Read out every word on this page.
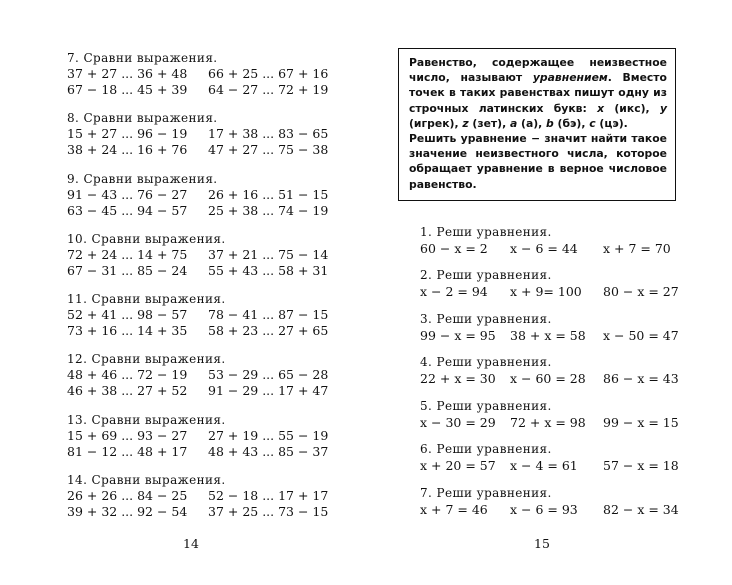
7. Сравни выражения.
37 + 27 ... 36 + 48 66 + 25 ... 67 + 16
67 − 18 ... 45 + 39 64 − 27 ... 72 + 19
8. Сравни выражения.
15 + 27 ... 96 − 19 17 + 38 ... 83 − 65
38 + 24 ... 16 + 76 47 + 27 ... 75 − 38
9. Сравни выражения.
91 − 43 ... 76 − 27 26 + 16 ... 51 − 15
63 − 45 ... 94 − 57 25 + 38 ... 74 − 19
10. Сравни выражения.
72 + 24 ... 14 + 75 37 + 21 ... 75 − 14
67 − 31 ... 85 − 24 55 + 43 ... 58 + 31
11. Сравни выражения.
52 + 41 ... 98 − 57 78 − 41 ... 87 − 15
73 + 16 ... 14 + 35 58 + 23 ... 27 + 65
12. Сравни выражения.
48 + 46 ... 72 − 19 53 − 29 ... 65 − 28
46 + 38 ... 27 + 52 91 − 29 ... 17 + 47
13. Сравни выражения.
15 + 69 ... 93 − 27 27 + 19 ... 55 − 19
81 − 12 ... 48 + 17 48 + 43 ... 85 − 37
14. Сравни выражения.
26 + 26 ... 84 − 25 52 − 18 ... 17 + 17
39 + 32 ... 92 − 54 37 + 25 ... 73 − 15
14

Равенство, содержащее неизвестное число, называют уравнением. Вместо точек в таких равенствах пишут одну из строчных латинских букв: x (икс), y (игрек), z (зет), a (а), b (бэ), c (цэ).

Решить уравнение − значит найти такое значение неизвестного числа, которое обращает уравнение в верное числовое равенство.

1. Реши уравнения.
60 − x = 2 x − 6 = 44 x + 7 = 70
2. Реши уравнения.
x − 2 = 94 x + 9= 100 80 − x = 27
3. Реши уравнения.
99 − x = 95 38 + x = 58 x − 50 = 47
4. Реши уравнения.
22 + x = 30 x − 60 = 28 86 − x = 43
5. Реши уравнения.
x − 30 = 29 72 + x = 98 99 − x = 15
6. Реши уравнения.
x + 20 = 57 x − 4 = 61 57 − x = 18
7. Реши уравнения.
x + 7 = 46 x − 6 = 93 82 − x = 34
15
